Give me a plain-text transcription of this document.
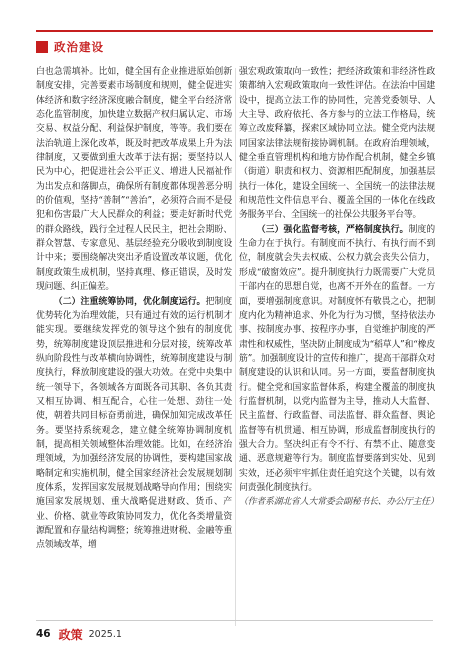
政治建设

白也急需填补。比如，健全国有企业推进原始创新制度安排，完善要素市场制度和规则，健全促进实体经济和数字经济深度融合制度，健全平台经济常态化监管制度，加快建立数据产权归属认定、市场交易、权益分配、利益保护制度，等等。我们要在法治轨道上深化改革，既及时把改革成果上升为法律制度，又要做到重大改革于法有据；要坚持以人民为中心，把促进社会公平正义、增进人民福祉作为出发点和落脚点，确保所有制度都体现善恶分明的价值观，坚持“善制”“善治”，必须符合而不是侵犯和伤害最广大人民群众的利益；要走好新时代党的群众路线，践行全过程人民民主，把社会期盼、群众智慧、专家意见、基层经验充分吸收到制度设计中来；要围绕解决突出矛盾设置改革议题，优化制度政策生成机制，坚持真理、修正错误，及时发现问题、纠正偏差。

（二）注重统筹协同，优化制度运行。把制度优势转化为治理效能，只有通过有效的运行机制才能实现。要继续发挥党的领导这个独有的制度优势，统筹制度建设顶层推进和分层对接，统筹改革纵向阶段性与改革横向协调性，统筹制度建设与制度执行，释放制度建设的强大功效。在党中央集中统一领导下，各领域各方面既各司其职、各负其责又相互协调、相互配合，心往一处想、劲往一处使，朝着共同目标奋勇前进，确保加知完成改革任务。要坚持系统观念，建立健全统筹协调制度机制，提高相关领域整体治理效能。比如，在经济治理领域，为加强经济发展的协调性，要构建国家战略制定和实施机制，健全国家经济社会发展规划制度体系，发挥国家发展规划战略导向作用；围绕实施国家发展规划、重大战略促进财政、货币、产业、价格、就业等政策协同发力，优化各类增量资源配置和存量结构调整；统筹推进财税、金融等重点领域改革，增

强宏观政策取向一致性；把经济政策和非经济性政策都纳入宏观政策取向一致性评估。在法治中国建设中，提高立法工作的协同性，完善党委领导、人大主导、政府依托、各方参与的立法工作格局，统筹立改废释纂，探索区域协同立法。健全党内法规同国家法律法规衔接协调机制。在政府治理领域，健全垂直管理机构和地方协作配合机制，健全乡镇（街道）职责和权力、资源相匹配制度，加强基层执行一体化，建设全国统一、全国统一的法律法规和规范性文件信息平台、覆盖全国的一体化在线政务服务平台、全国统一的社保公共服务平台等。

（三）强化监督考核，严格制度执行。制度的生命力在于执行。有制度而不执行、有执行而不到位，制度就会失去权威、公权力就会丧失公信力，形成“破窗效应”。提升制度执行力既需要广大党员干部内在的思想自觉，也离不开外在的监督。一方面，要增强制度意识。对制度怀有敬畏之心，把制度内化为精神追求、外化为行为习惯，坚持依法办事、按制度办事、按程序办事，自觉维护制度的严肃性和权威性，坚决防止制度成为“稻草人”和“橡皮筋”。加强制度设计的宣传和推广，提高干部群众对制度建设的认识和认同。另一方面，要监督制度执行。健全党和国家监督体系，构建全覆盖的制度执行监督机制，以党内监督为主导，推动人大监督、民主监督、行政监督、司法监督、群众监督、舆论监督等有机贯通、相互协调，形成监督制度执行的强大合力。坚决纠正有令不行、有禁不止、随意变通、恶意规避等行为。制度监督要落到实处、见到实效，还必须牢牢抓住责任追究这个关键，以有效问责强化制度执行。

（作者系湖北省人大常委会副秘书长、办公厅主任）

46 政策 2025.1
